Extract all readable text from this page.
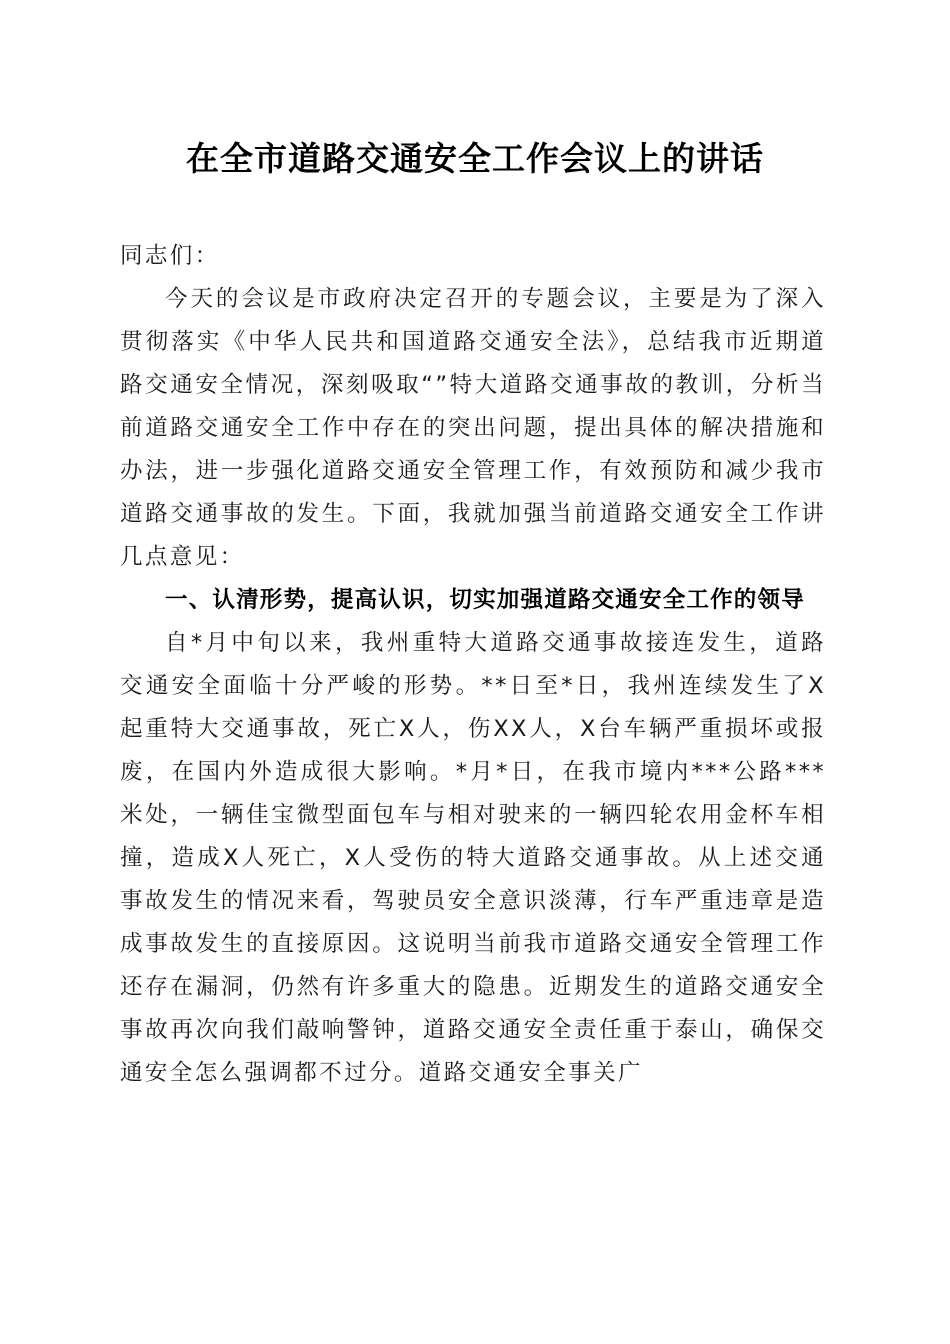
在全市道路交通安全工作会议上的讲话

同志们：

今天的会议是市政府决定召开的专题会议，主要是为了深入贯彻落实《中华人民共和国道路交通安全法》，总结我市近期道路交通安全情况，深刻吸取“”特大道路交通事故的教训，分析当前道路交通安全工作中存在的突出问题，提出具体的解决措施和办法，进一步强化道路交通安全管理工作，有效预防和减少我市道路交通事故的发生。下面，我就加强当前道路交通安全工作讲几点意见：

一、认清形势，提高认识，切实加强道路交通安全工作的领导

自*月中旬以来，我州重特大道路交通事故接连发生，道路交通安全面临十分严峻的形势。**日至*日，我州连续发生了X起重特大交通事故，死亡X人，伤XX人，X台车辆严重损坏或报废，在国内外造成很大影响。*月*日，在我市境内***公路***米处，一辆佳宝微型面包车与相对驶来的一辆四轮农用金杯车相撞，造成X人死亡，X人受伤的特大道路交通事故。从上述交通事故发生的情况来看，驾驶员安全意识淡薄，行车严重违章是造成事故发生的直接原因。这说明当前我市道路交通安全管理工作还存在漏洞，仍然有许多重大的隐患。近期发生的道路交通安全事故再次向我们敲响警钟，道路交通安全责任重于泰山，确保交通安全怎么强调都不过分。道路交通安全事关广
